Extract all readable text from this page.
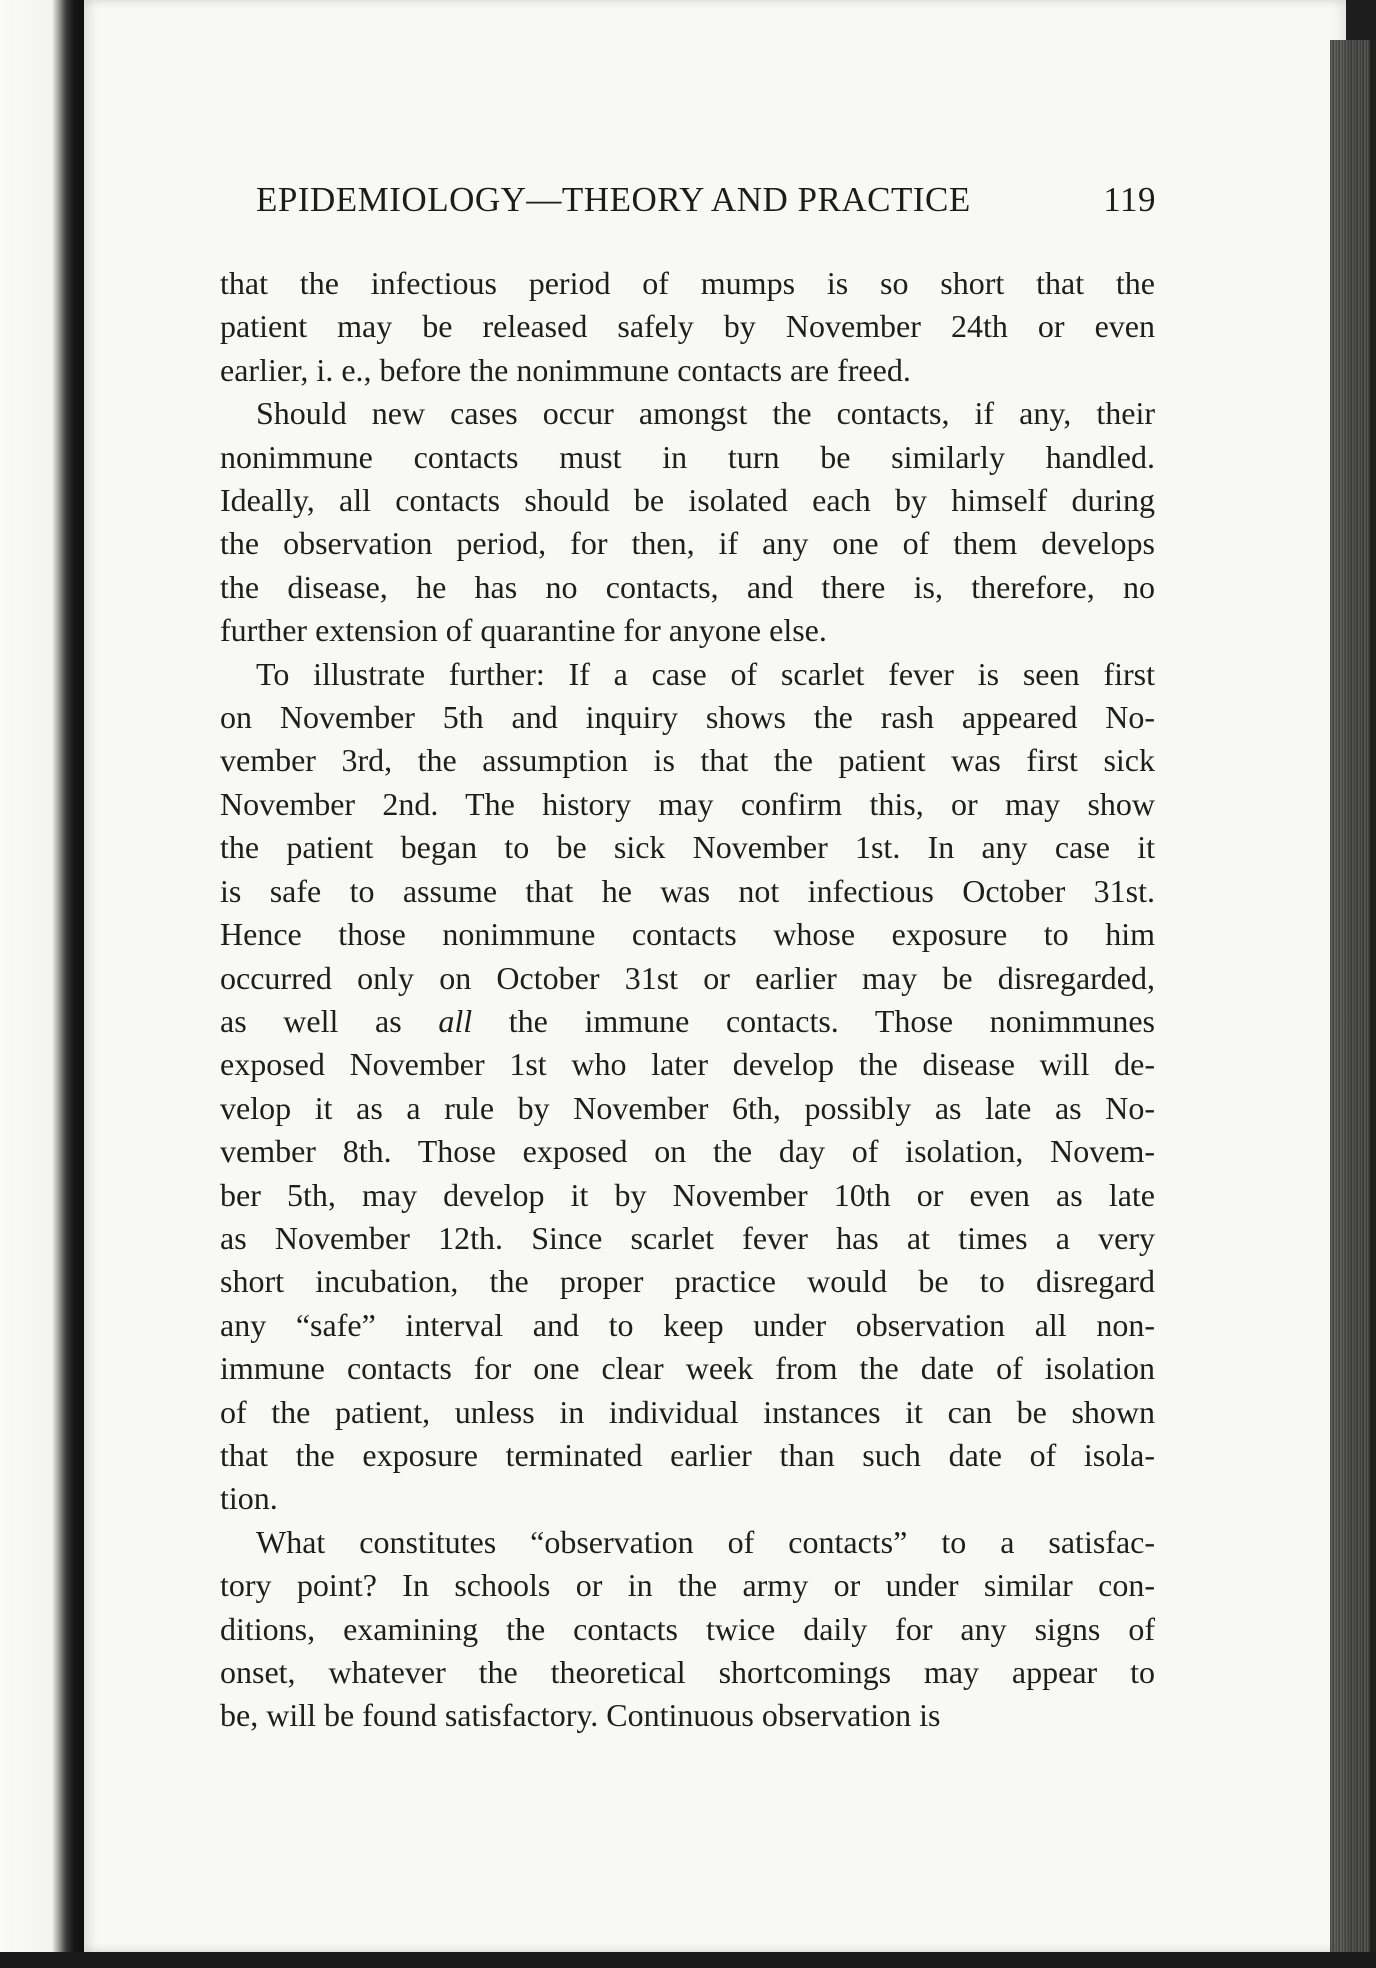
EPIDEMIOLOGY—THEORY AND PRACTICE	119
that the infectious period of mumps is so short that the
patient may be released safely by November 24th or even
earlier, i. e., before the nonimmune contacts are freed.
Should new cases occur amongst the contacts, if any, their
nonimmune contacts must in turn be similarly handled.
Ideally, all contacts should be isolated each by himself during
the observation period, for then, if any one of them develops
the disease, he has no contacts, and there is, therefore, no
further extension of quarantine for anyone else.
To illustrate further: If a case of scarlet fever is seen first
on November 5th and inquiry shows the rash appeared No-
vember 3rd, the assumption is that the patient was first sick
November 2nd. The history may confirm this, or may show
the patient began to be sick November 1st. In any case it
is safe to assume that he was not infectious October 31st.
Hence those nonimmune contacts whose exposure to him
occurred only on October 31st or earlier may be disregarded,
as well as all the immune contacts. Those nonimmunes
exposed November 1st who later develop the disease will de-
velop it as a rule by November 6th, possibly as late as No-
vember 8th. Those exposed on the day of isolation, Novem-
ber 5th, may develop it by November 10th or even as late
as November 12th. Since scarlet fever has at times a very
short incubation, the proper practice would be to disregard
any “safe” interval and to keep under observation all non-
immune contacts for one clear week from the date of isolation
of the patient, unless in individual instances it can be shown
that the exposure terminated earlier than such date of isola-
tion.
What constitutes “observation of contacts” to a satisfac-
tory point? In schools or in the army or under similar con-
ditions, examining the contacts twice daily for any signs of
onset, whatever the theoretical shortcomings may appear to
be, will be found satisfactory. Continuous observation is
